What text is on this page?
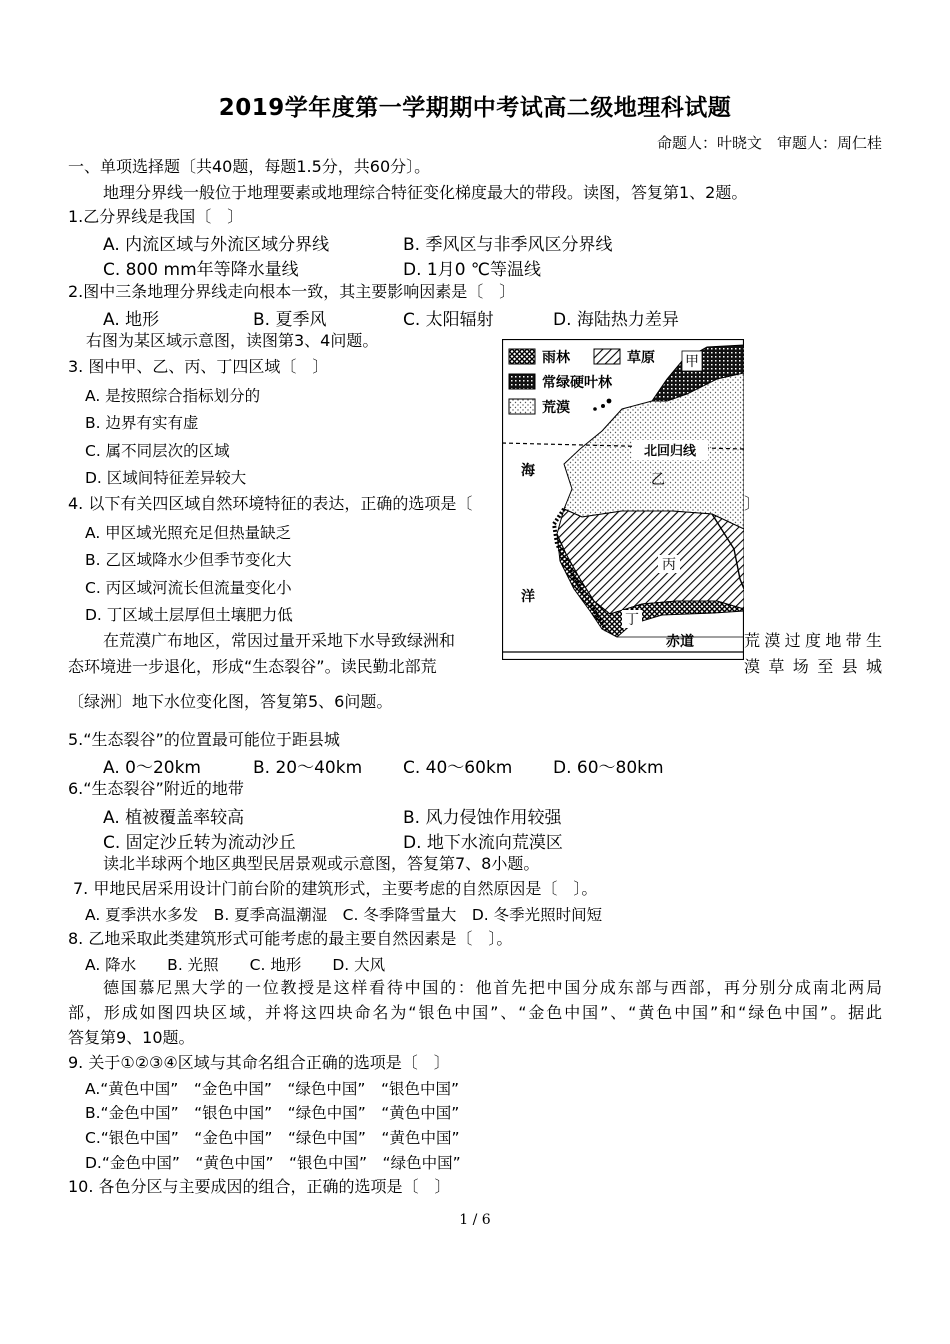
2019学年度第一学期期中考试高二级地理科试题
命题人：叶晓文　审题人：周仁桂
一、单项选择题〔共40题，每题1.5分，共60分〕。
地理分界线一般位于地理要素或地理综合特征变化梯度最大的带段。读图，答复第1、2题。
1.乙分界线是我国〔　〕
A. 内流区域与外流区域分界线	B. 季风区与非季风区分界线
C. 800 mm年等降水量线	D. 1月0 ℃等温线
2.图中三条地理分界线走向根本一致，其主要影响因素是〔　〕
A. 地形	B. 夏季风	C. 太阳辐射	D. 海陆热力差异
右图为某区域示意图，读图第3、4问题。
3. 图中甲、乙、丙、丁四区域〔　〕
A. 是按照综合指标划分的
B. 边界有实有虚
C. 属不同层次的区域
D. 区域间特征差异较大
4. 以下有关四区域自然环境特征的表达，正确的选项是〔	〕
A. 甲区域光照充足但热量缺乏
B. 乙区域降水少但季节变化大
C. 丙区域河流长但流量变化小
D. 丁区域土层厚但土壤肥力低
在荒漠广布地区，常因过量开采地下水导致绿洲和	荒漠过度地带生
态环境进一步退化，形成“生态裂谷”。读民勤北部荒	漠草场至县城
〔绿洲〕地下水位变化图，答复第5、6问题。
5.“生态裂谷”的位置最可能位于距县城
A. 0～20km	B. 20～40km C. 40～60km D. 60～80km
6.“生态裂谷”附近的地带
A. 植被覆盖率较高	B. 风力侵蚀作用较强
C. 固定沙丘转为流动沙丘	D. 地下水流向荒漠区
读北半球两个地区典型民居景观或示意图，答复第7、8小题。
7. 甲地民居采用设计门前台阶的建筑形式，主要考虑的自然原因是〔　〕。
A. 夏季洪水多发　B. 夏季高温潮湿　C. 冬季降雪量大　D. 冬季光照时间短
8. 乙地采取此类建筑形式可能考虑的最主要自然因素是〔　〕。
A. 降水　　B. 光照　　C. 地形　　D. 大风
德国慕尼黑大学的一位教授是这样看待中国的：他首先把中国分成东部与西部，再分别分成南北两局
部，形成如图四块区域，并将这四块命名为“银色中国”、“金色中国”、“黄色中国”和“绿色中国”。据此
答复第9、10题。
9. 关于①②③④区域与其命名组合正确的选项是〔　〕
A.“黄色中国”　“金色中国”　“绿色中国”　“银色中国”
B.“金色中国”　“银色中国”　“绿色中国”　“黄色中国”
C.“银色中国”　“金色中国”　“绿色中国”　“黄色中国”
D.“金色中国”　“黄色中国”　“银色中国”　“绿色中国”
10. 各色分区与主要成因的组合，正确的选项是〔　〕
北回归线
雨林	草原
常绿硬叶林
荒漠
甲
乙
丙
丁
海
洋
赤道
1 / 6
